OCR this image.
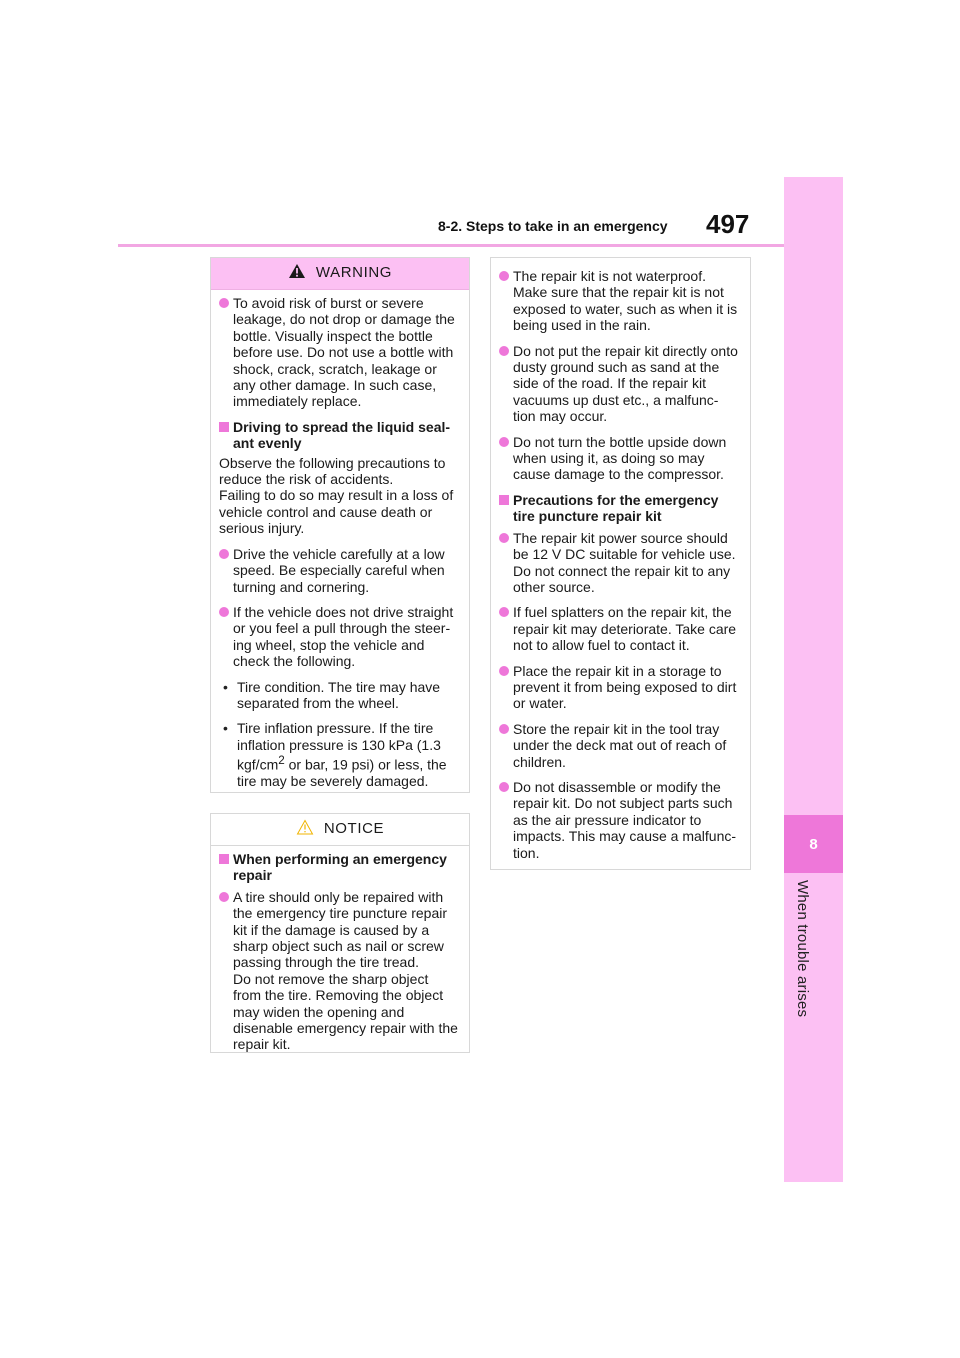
8
When trouble arises
8-2. Steps to take in an emergency 497
WARNING
To avoid risk of burst or severe leakage, do not drop or damage the bottle. Visually inspect the bottle before use. Do not use a bottle with shock, crack, scratch, leakage or any other damage. In such case, immediately replace.
Driving to spread the liquid seal-ant evenly
Observe the following precautions to reduce the risk of accidents.
Failing to do so may result in a loss of vehicle control and cause death or serious injury.
Drive the vehicle carefully at a low speed. Be especially careful when turning and cornering.
If the vehicle does not drive straight or you feel a pull through the steer-ing wheel, stop the vehicle and check the following.
• Tire condition. The tire may have separated from the wheel.
• Tire inflation pressure. If the tire inflation pressure is 130 kPa (1.3 kgf/$cm^2$ or bar, 19 psi) or less, the tire may be severely damaged.
NOTICE
When performing an emergency repair
A tire should only be repaired with the emergency tire puncture repair kit if the damage is caused by a sharp object such as nail or screw passing through the tire tread.
Do not remove the sharp object from the tire. Removing the object may widen the opening and disenable emergency repair with the repair kit.
The repair kit is not waterproof. Make sure that the repair kit is not exposed to water, such as when it is being used in the rain.
Do not put the repair kit directly onto dusty ground such as sand at the side of the road. If the repair kit vacuums up dust etc., a malfunc-tion may occur.
Do not turn the bottle upside down when using it, as doing so may cause damage to the compressor.
Precautions for the emergency tire puncture repair kit
The repair kit power source should be 12 V DC suitable for vehicle use. Do not connect the repair kit to any other source.
If fuel splatters on the repair kit, the repair kit may deteriorate. Take care not to allow fuel to contact it.
Place the repair kit in a storage to prevent it from being exposed to dirt or water.
Store the repair kit in the tool tray under the deck mat out of reach of children.
Do not disassemble or modify the repair kit. Do not subject parts such as the air pressure indicator to impacts. This may cause a malfunc-tion.
